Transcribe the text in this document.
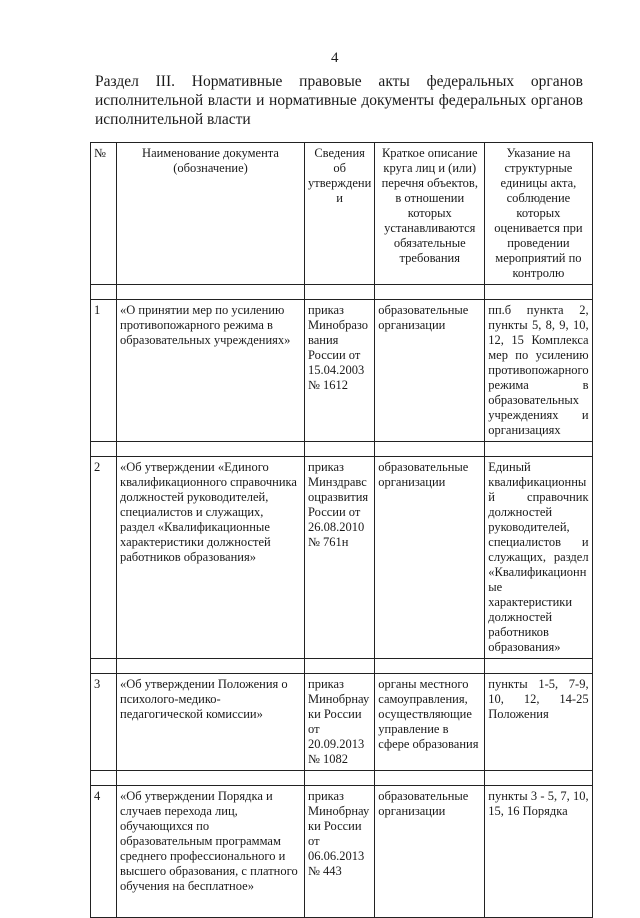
4
Раздел III. Нормативные правовые акты федеральных органов исполнительной власти и нормативные документы федеральных органов исполнительной власти
№	Наименование документа (обозначение)	Сведения об утверждени и	Краткое описание круга лиц и (или) перечня объектов, в отношении которых устанавливаются обязательные требования	Указание на структурные единицы акта, соблюдение которых оценивается при проведении мероприятий по контролю

1	«О принятии мер по усилению противопожарного режима в образовательных учреждениях»	приказ Минобразо вания России от 15.04.2003 № 1612	образовательные организации	пп.б пункта 2, пункты 5, 8, 9, 10, 12, 15 Комплекса мер по усилению противопожарного режима в образовательных учреждениях и организациях

2	«Об утверждении «Единого квалификационного справочника должностей руководителей, специалистов и служащих, раздел «Квалификационные характеристики должностей работников образования»	приказ Минздравс оцразвития России от 26.08.2010 № 761н	образовательные организации	Единый квалификационны й справочник должностей руководителей, специалистов и служащих, раздел «Квалификационн ые характеристики должностей работников образования»

3	«Об утверждении Положения о психолого-медико-педагогической комиссии»	приказ Минобрнау ки России от 20.09.2013 № 1082	органы местного самоуправления, осуществляющие управление в сфере образования	пункты 1-5, 7-9, 10, 12, 14-25 Положения

4	«Об утверждении Порядка и случаев перехода лиц, обучающихся по образовательным программам среднего профессионального и высшего образования, с платного обучения на бесплатное»	приказ Минобрнау ки России от 06.06.2013 № 443	образовательные организации	пункты 3 - 5, 7, 10, 15, 16 Порядка
